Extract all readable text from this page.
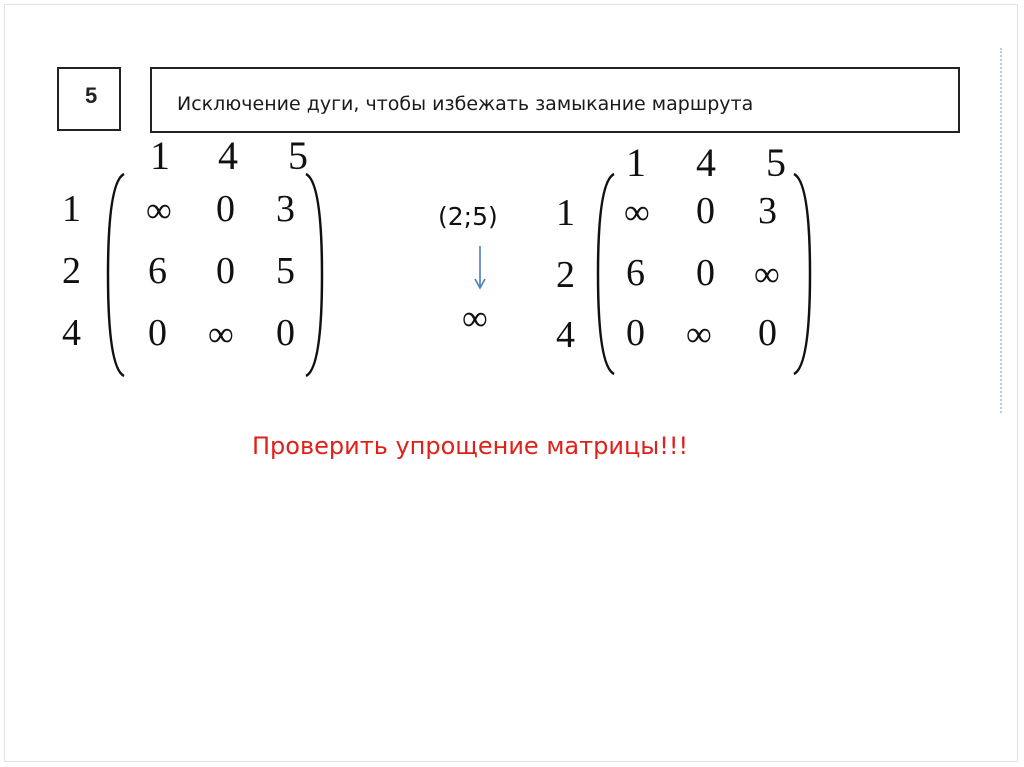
5	Исключение дуги, чтобы избежать замыкание маршрута
1 4 5
1
2
4
∞ 0 3
6 0 5
0 ∞ 0
(2;5)
∞
1 4 5
1
2
4
∞ 0 3
6 0 ∞
0 ∞ 0
Проверить упрощение матрицы!!!
